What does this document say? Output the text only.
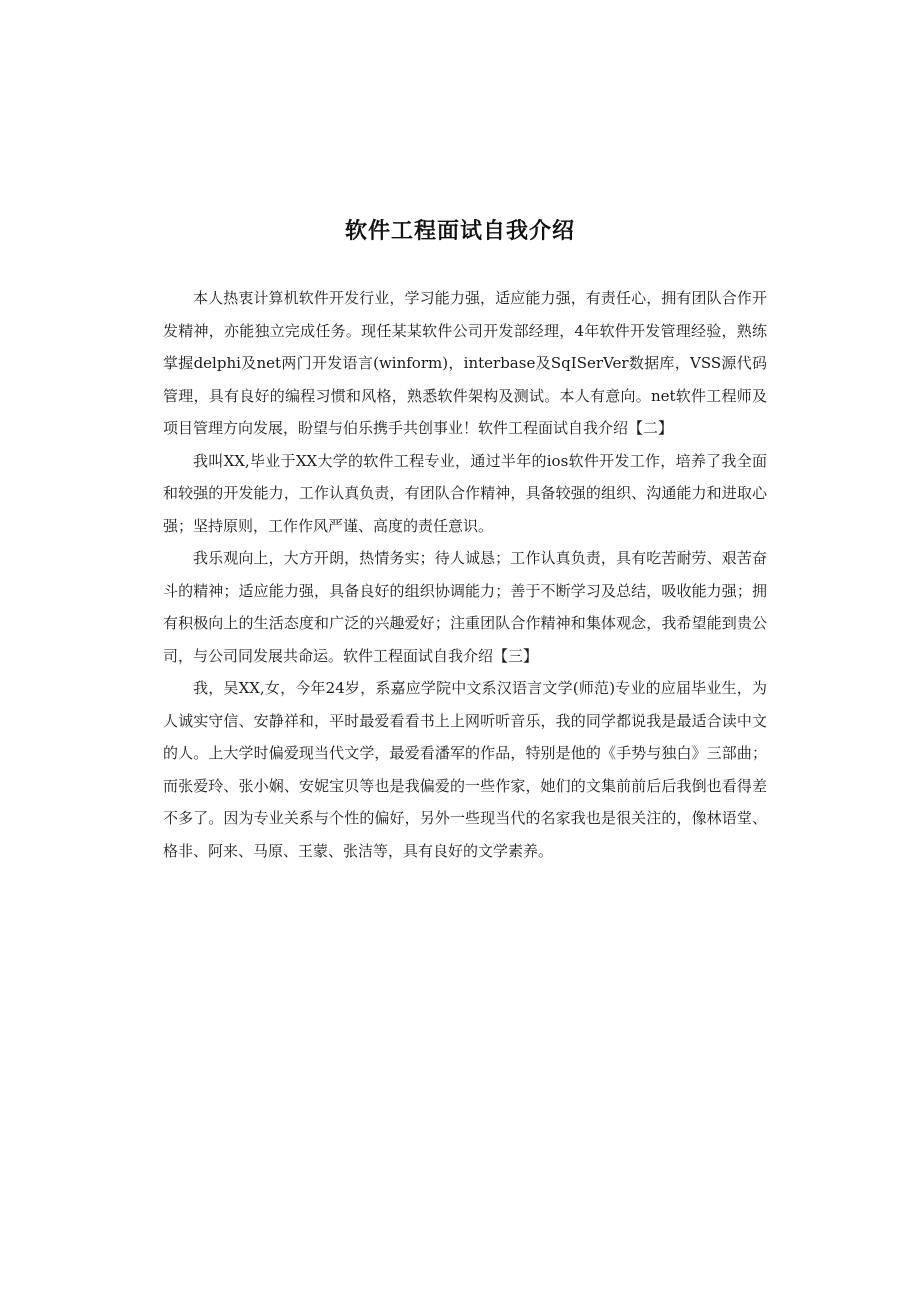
软件工程面试自我介绍

本人热衷计算机软件开发行业，学习能力强，适应能力强，有责任心，拥有团队合作开发精神，亦能独立完成任务。现任某某软件公司开发部经理，4年软件开发管理经验，熟练掌握delphi及net两门开发语言(winform)，interbase及SqISerVer数据库，VSS源代码管理，具有良好的编程习惯和风格，熟悉软件架构及测试。本人有意向。net软件工程师及项目管理方向发展，盼望与伯乐携手共创事业！软件工程面试自我介绍【二】

我叫XX,毕业于XX大学的软件工程专业，通过半年的ios软件开发工作，培养了我全面和较强的开发能力，工作认真负责，有团队合作精神，具备较强的组织、沟通能力和进取心强；坚持原则，工作作风严谨、高度的责任意识。

我乐观向上，大方开朗，热情务实；待人诚恳；工作认真负责，具有吃苦耐劳、艰苦奋斗的精神；适应能力强，具备良好的组织协调能力；善于不断学习及总结，吸收能力强；拥有积极向上的生活态度和广泛的兴趣爱好；注重团队合作精神和集体观念，我希望能到贵公司，与公司同发展共命运。软件工程面试自我介绍【三】

我，吴XX,女，今年24岁，系嘉应学院中文系汉语言文学(师范)专业的应届毕业生，为人诚实守信、安静祥和，平时最爱看看书上上网听听音乐，我的同学都说我是最适合读中文的人。上大学时偏爱现当代文学，最爱看潘军的作品，特别是他的《手势与独白》三部曲；而张爱玲、张小娴、安妮宝贝等也是我偏爱的一些作家，她们的文集前前后后我倒也看得差不多了。因为专业关系与个性的偏好，另外一些现当代的名家我也是很关注的，像林语堂、格非、阿来、马原、王蒙、张洁等，具有良好的文学素养。
